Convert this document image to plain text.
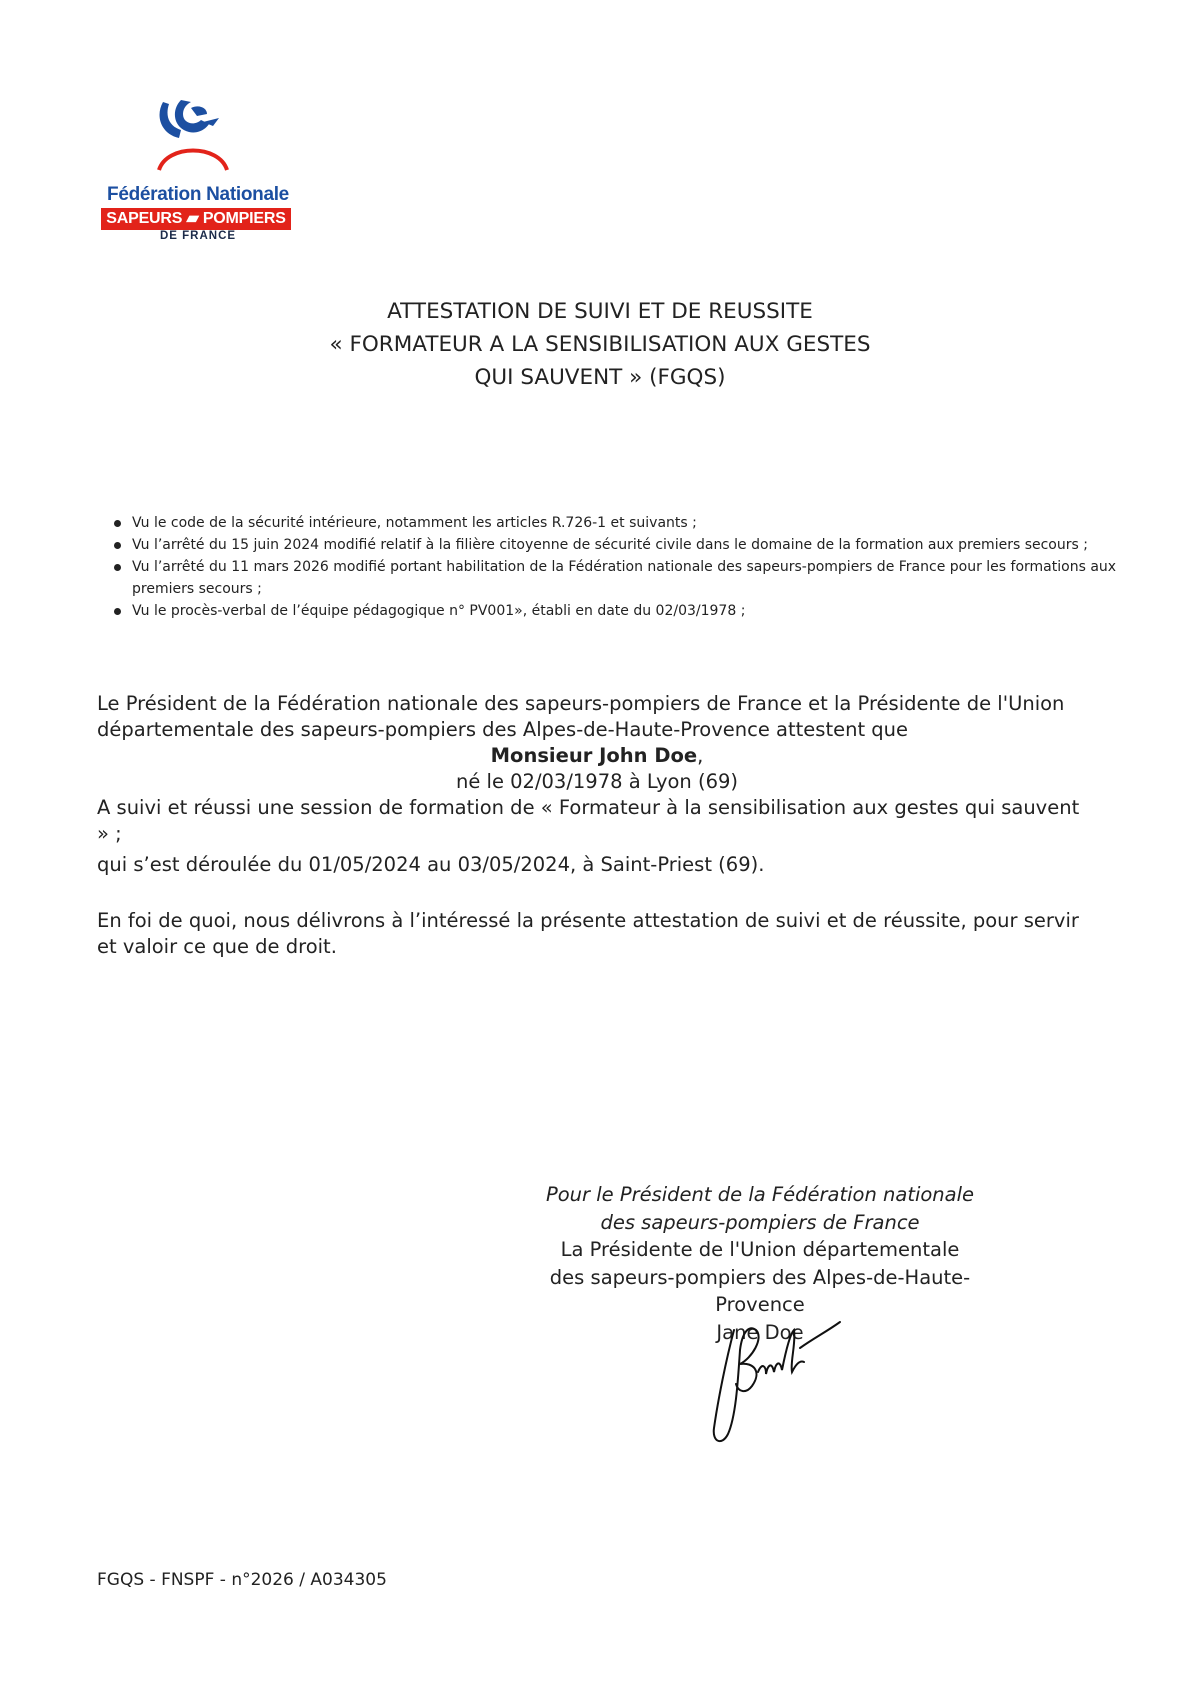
Fédération Nationale
SAPEURS ▰ POMPIERS
DE FRANCE
ATTESTATION DE SUIVI ET DE REUSSITE
« FORMATEUR A LA SENSIBILISATION AUX GESTES
QUI SAUVENT » (FGQS)
Vu le code de la sécurité intérieure, notamment les articles R.726-1 et suivants ;
Vu l’arrêté du 15 juin 2024 modifié relatif à la filière citoyenne de sécurité civile dans le domaine de la formation aux premiers secours ;
Vu l’arrêté du 11 mars 2026 modifié portant habilitation de la Fédération nationale des sapeurs-pompiers de France pour les formations aux premiers secours ;
Vu le procès-verbal de l’équipe pédagogique n° PV001», établi en date du 02/03/1978 ;
Le Président de la Fédération nationale des sapeurs-pompiers de France et la Présidente de l'Union départementale des sapeurs-pompiers des Alpes-de-Haute-Provence attestent que
Monsieur John Doe,
né le 02/03/1978 à Lyon (69)
A suivi et réussi une session de formation de « Formateur à la sensibilisation aux gestes qui sauvent » ;
qui s’est déroulée du 01/05/2024 au 03/05/2024, à Saint-Priest (69).
En foi de quoi, nous délivrons à l’intéressé la présente attestation de suivi et de réussite, pour servir et valoir ce que de droit.
Pour le Président de la Fédération nationale
des sapeurs-pompiers de France
La Présidente de l'Union départementale
des sapeurs-pompiers des Alpes-de-Haute-Provence
Jane Doe
FGQS - FNSPF - n°2026 / A034305
